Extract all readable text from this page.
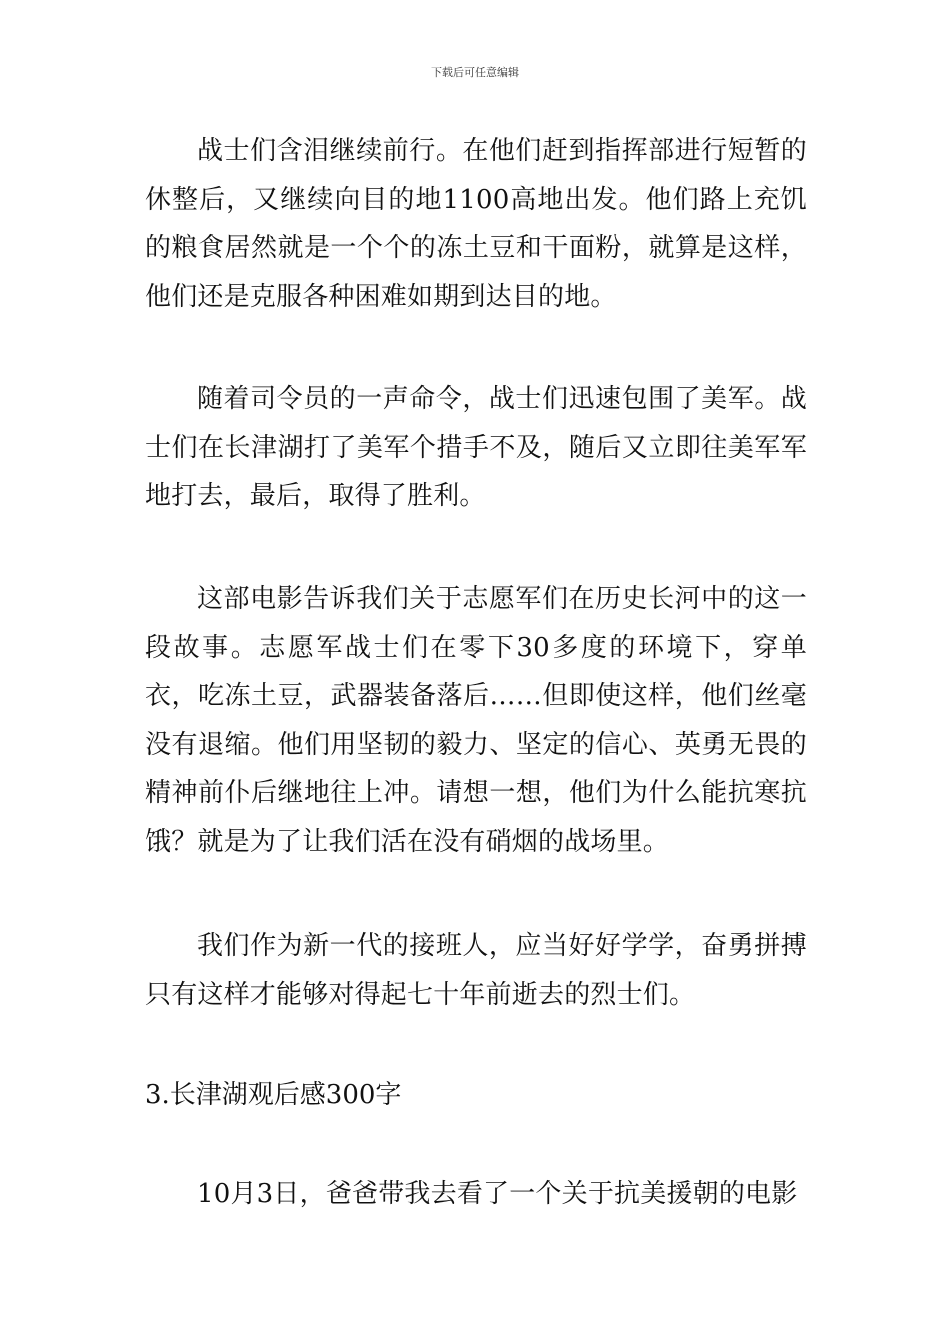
下载后可任意编辑

战士们含泪继续前行。在他们赶到指挥部进行短暂的休整后，又继续向目的地1100高地出发。他们路上充饥的粮食居然就是一个个的冻土豆和干面粉，就算是这样，他们还是克服各种困难如期到达目的地。

随着司令员的一声命令，战士们迅速包围了美军。战士们在长津湖打了美军个措手不及，随后又立即往美军军地打去，最后，取得了胜利。

这部电影告诉我们关于志愿军们在历史长河中的这一段故事。志愿军战士们在零下30多度的环境下，穿单衣，吃冻土豆，武器装备落后……但即使这样，他们丝毫没有退缩。他们用坚韧的毅力、坚定的信心、英勇无畏的精神前仆后继地往上冲。请想一想，他们为什么能抗寒抗饿？就是为了让我们活在没有硝烟的战场里。

我们作为新一代的接班人，应当好好学学，奋勇拼搏只有这样才能够对得起七十年前逝去的烈士们。

3.长津湖观后感300字

10月3日，爸爸带我去看了一个关于抗美援朝的电影
